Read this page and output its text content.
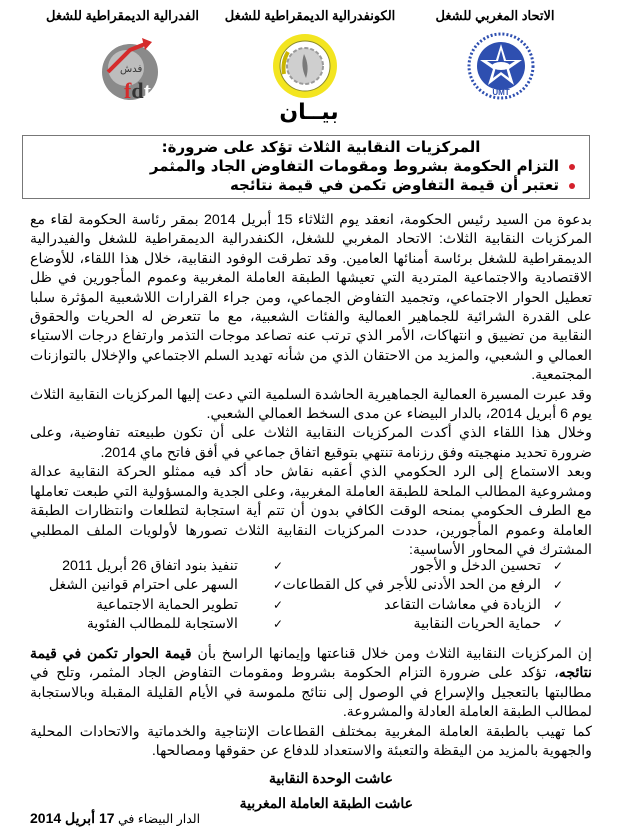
الاتحاد المغربي للشغل
الكونفدرالية الديمقراطية للشغل
الفدرالية الديمقراطية للشغل
UMT
فدش
fdt
بيــان
المركزيات النقابية الثلاث تؤكد على ضرورة:
التزام الحكومة بشروط ومقومات التفاوض الجاد والمثمر
تعتبر أن قيمة التفاوض تكمن في قيمة نتائجه

بدعوة من السيد رئيس الحكومة، انعقد يوم الثلاثاء 15 أبريل 2014 بمقر رئاسة الحكومة لقاء مع المركزيات النقابية الثلاث: الاتحاد المغربي للشغل، الكنفدرالية الديمقراطية للشغل والفيدرالية الديمقراطية للشغل برئاسة أمنائها العامين. وقد تطرقت الوفود النقابية، خلال هذا اللقاء، للأوضاع الاقتصادية والاجتماعية المتردية التي تعيشها الطبقة العاملة المغربية وعموم المأجورين في ظل تعطيل الحوار الاجتماعي، وتجميد التفاوض الجماعي، ومن جراء القرارات اللاشعبية المؤثرة سلبا على القدرة الشرائية للجماهير العمالية والفئات الشعبية، مع ما تتعرض له الحريات والحقوق النقابية من تضييق و انتهاكات، الأمر الذي ترتب عنه تصاعد موجات التذمر وارتفاع درجات الاستياء العمالي و الشعبي، والمزيد من الاحتقان الذي من شأنه تهديد السلم الاجتماعي والإخلال بالتوازنات المجتمعية.

وقد عبرت المسيرة العمالية الجماهيرية الحاشدة السلمية التي دعت إليها المركزيات النقابية الثلاث يوم 6 أبريل 2014، بالدار البيضاء عن مدى السخط العمالي الشعبي.

وخلال هذا اللقاء الذي أكدت المركزيات النقابية الثلاث على أن تكون طبيعته تفاوضية، وعلى ضرورة تحديد منهجيته وفق رزنامة تنتهي بتوقيع اتفاق جماعي في أفق فاتح ماي 2014.

وبعد الاستماع إلى الرد الحكومي الذي أعقبه نقاش حاد أكد فيه ممثلو الحركة النقابية عدالة ومشروعية المطالب الملحة للطبقة العاملة المغربية، وعلى الجدية والمسؤولية التي طبعت تعاملها مع الطرف الحكومي بمنحه الوقت الكافي بدون أن تتم أية استجابة لتطلعات وانتظارات الطبقة العاملة وعموم المأجورين، حددت المركزيات النقابية الثلاث تصورها لأولويات الملف المطلبي المشترك في المحاور الأساسية:

✓تحسين الدخل و الأجور
✓الرفع من الحد الأدنى للأجر في كل القطاعات
✓الزيادة في معاشات التقاعد
✓حماية الحريات النقابية
✓تنفيذ بنود اتفاق 26 أبريل 2011
✓السهر على احترام قوانين الشغل
✓تطوير الحماية الاجتماعية
✓الاستجابة للمطالب الفئوية

إن المركزيات النقابية الثلاث ومن خلال قناعتها وإيمانها الراسخ بأن قيمة الحوار تكمن في قيمة نتائجه، تؤكد على ضرورة التزام الحكومة بشروط ومقومات التفاوض الجاد المثمر، وتلح في مطالبتها بالتعجيل والإسراع في الوصول إلى نتائج ملموسة في الأيام القليلة المقبلة وبالاستجابة لمطالب الطبقة العاملة العادلة والمشروعة.

كما تهيب بالطبقة العاملة المغربية بمختلف القطاعات الإنتاجية والخدماتية والاتحادات المحلية والجهوية بالمزيد من اليقظة والتعبئة والاستعداد للدفاع عن حقوقها ومصالحها.

عاشت الوحدة النقابية
عاشت الطبقة العاملة المغربية
الدار البيضاء في 17 أبريل 2014
